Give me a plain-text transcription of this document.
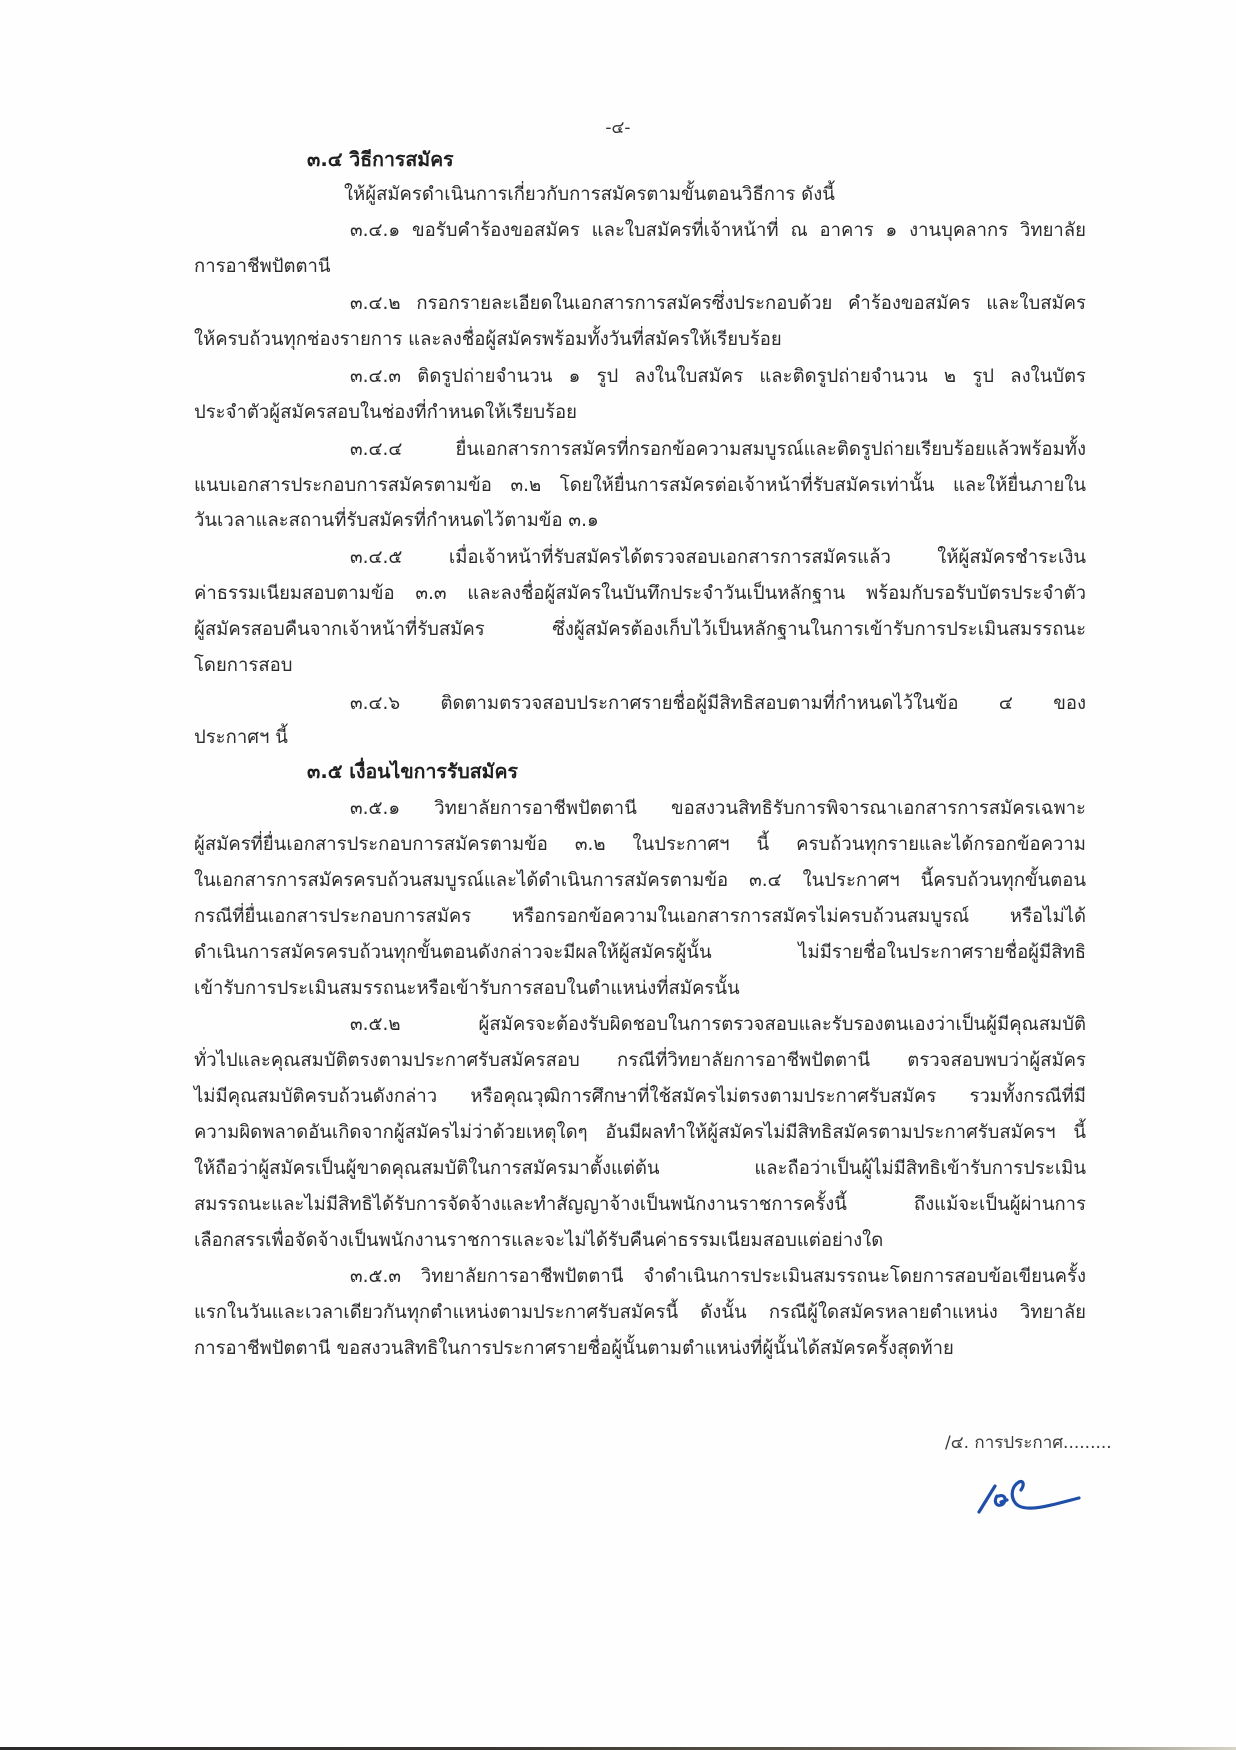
-๔-
๓.๔ วิธีการสมัคร
ให้ผู้สมัครดำเนินการเกี่ยวกับการสมัครตามขั้นตอนวิธีการ ดังนี้
๓.๔.๑ ขอรับคำร้องขอสมัคร และใบสมัครที่เจ้าหน้าที่ ณ อาคาร ๑ งานบุคลากร วิทยาลัย
การอาชีพปัตตานี
๓.๔.๒ กรอกรายละเอียดในเอกสารการสมัครซึ่งประกอบด้วย คำร้องขอสมัคร และใบสมัคร
ให้ครบถ้วนทุกช่องรายการ และลงชื่อผู้สมัครพร้อมทั้งวันที่สมัครให้เรียบร้อย
๓.๔.๓ ติดรูปถ่ายจำนวน ๑ รูป ลงในใบสมัคร และติดรูปถ่ายจำนวน ๒ รูป ลงในบัตร
ประจำตัวผู้สมัครสอบในช่องที่กำหนดให้เรียบร้อย
๓.๔.๔ ยื่นเอกสารการสมัครที่กรอกข้อความสมบูรณ์และติดรูปถ่ายเรียบร้อยแล้วพร้อมทั้ง
แนบเอกสารประกอบการสมัครตามข้อ ๓.๒ โดยให้ยื่นการสมัครต่อเจ้าหน้าที่รับสมัครเท่านั้น และให้ยื่นภายใน
วันเวลาและสถานที่รับสมัครที่กำหนดไว้ตามข้อ ๓.๑
๓.๔.๕ เมื่อเจ้าหน้าที่รับสมัครได้ตรวจสอบเอกสารการสมัครแล้ว ให้ผู้สมัครชำระเงิน
ค่าธรรมเนียมสอบตามข้อ ๓.๓ และลงชื่อผู้สมัครในบันทึกประจำวันเป็นหลักฐาน พร้อมกับรอรับบัตรประจำตัว
ผู้สมัครสอบคืนจากเจ้าหน้าที่รับสมัคร ซึ่งผู้สมัครต้องเก็บไว้เป็นหลักฐานในการเข้ารับการประเมินสมรรถนะ
โดยการสอบ
๓.๔.๖ ติดตามตรวจสอบประกาศรายชื่อผู้มีสิทธิสอบตามที่กำหนดไว้ในข้อ ๔ ของ
ประกาศฯ นี้
๓.๕ เงื่อนไขการรับสมัคร
๓.๕.๑ วิทยาลัยการอาชีพปัตตานี ขอสงวนสิทธิรับการพิจารณาเอกสารการสมัครเฉพาะ
ผู้สมัครที่ยื่นเอกสารประกอบการสมัครตามข้อ ๓.๒ ในประกาศฯ นี้ ครบถ้วนทุกรายและได้กรอกข้อความ
ในเอกสารการสมัครครบถ้วนสมบูรณ์และได้ดำเนินการสมัครตามข้อ ๓.๔ ในประกาศฯ นี้ครบถ้วนทุกขั้นตอน
กรณีที่ยื่นเอกสารประกอบการสมัคร หรือกรอกข้อความในเอกสารการสมัครไม่ครบถ้วนสมบูรณ์ หรือไม่ได้
ดำเนินการสมัครครบถ้วนทุกขั้นตอนดังกล่าวจะมีผลให้ผู้สมัครผู้นั้น ไม่มีรายชื่อในประกาศรายชื่อผู้มีสิทธิ
เข้ารับการประเมินสมรรถนะหรือเข้ารับการสอบในตำแหน่งที่สมัครนั้น
๓.๕.๒ ผู้สมัครจะต้องรับผิดชอบในการตรวจสอบและรับรองตนเองว่าเป็นผู้มีคุณสมบัติ
ทั่วไปและคุณสมบัติตรงตามประกาศรับสมัครสอบ กรณีที่วิทยาลัยการอาชีพปัตตานี ตรวจสอบพบว่าผู้สมัคร
ไม่มีคุณสมบัติครบถ้วนดังกล่าว หรือคุณวุฒิการศึกษาที่ใช้สมัครไม่ตรงตามประกาศรับสมัคร รวมทั้งกรณีที่มี
ความผิดพลาดอันเกิดจากผู้สมัครไม่ว่าด้วยเหตุใดๆ อันมีผลทำให้ผู้สมัครไม่มีสิทธิสมัครตามประกาศรับสมัครฯ นี้
ให้ถือว่าผู้สมัครเป็นผู้ขาดคุณสมบัติในการสมัครมาตั้งแต่ต้น และถือว่าเป็นผู้ไม่มีสิทธิเข้ารับการประเมิน
สมรรถนะและไม่มีสิทธิได้รับการจัดจ้างและทำสัญญาจ้างเป็นพนักงานราชการครั้งนี้ ถึงแม้จะเป็นผู้ผ่านการ
เลือกสรรเพื่อจัดจ้างเป็นพนักงานราชการและจะไม่ได้รับคืนค่าธรรมเนียมสอบแต่อย่างใด
๓.๕.๓ วิทยาลัยการอาชีพปัตตานี จำดำเนินการประเมินสมรรถนะโดยการสอบข้อเขียนครั้ง
แรกในวันและเวลาเดียวกันทุกตำแหน่งตามประกาศรับสมัครนี้ ดังนั้น กรณีผู้ใดสมัครหลายตำแหน่ง วิทยาลัย
การอาชีพปัตตานี ขอสงวนสิทธิในการประกาศรายชื่อผู้นั้นตามตำแหน่งที่ผู้นั้นได้สมัครครั้งสุดท้าย
/๔. การประกาศ.........
